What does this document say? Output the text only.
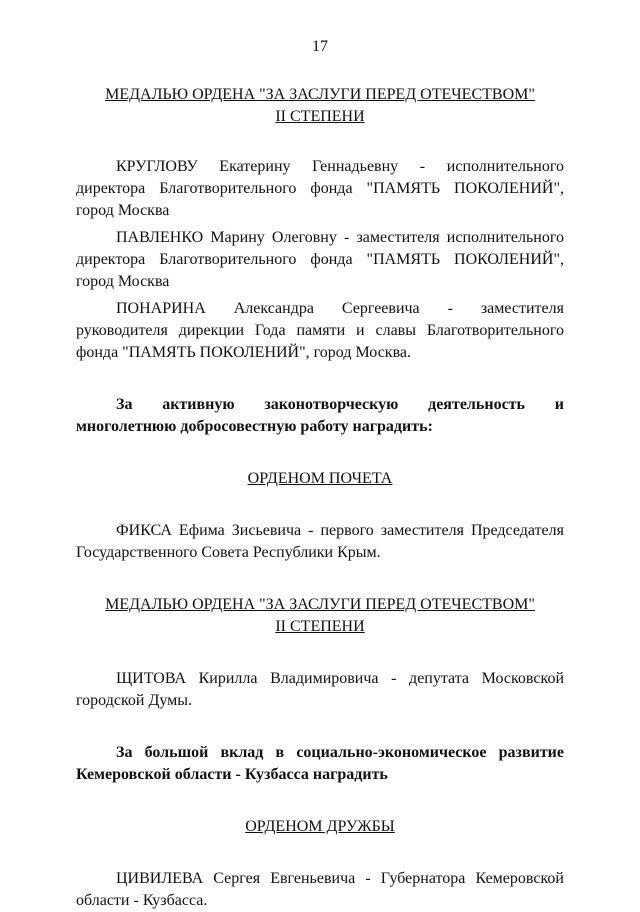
17
МЕДАЛЬЮ ОРДЕНА "ЗА ЗАСЛУГИ ПЕРЕД ОТЕЧЕСТВОМ"
II СТЕПЕНИ

КРУГЛОВУ Екатерину Геннадьевну - исполнительного директора Благотворительного фонда "ПАМЯТЬ ПОКОЛЕНИЙ", город Москва

ПАВЛЕНКО Марину Олеговну - заместителя исполнительного директора Благотворительного фонда "ПАМЯТЬ ПОКОЛЕНИЙ", город Москва

ПОНАРИНА Александра Сергеевича - заместителя руководителя дирекции Года памяти и славы Благотворительного фонда "ПАМЯТЬ ПОКОЛЕНИЙ", город Москва.

За активную законотворческую деятельность и многолетнюю добросовестную работу наградить:

ОРДЕНОМ ПОЧЕТА

ФИКСА Ефима Зисьевича - первого заместителя Председателя Государственного Совета Республики Крым.

МЕДАЛЬЮ ОРДЕНА "ЗА ЗАСЛУГИ ПЕРЕД ОТЕЧЕСТВОМ"
II СТЕПЕНИ

ЩИТОВА Кирилла Владимировича - депутата Московской городской Думы.

За большой вклад в социально-экономическое развитие Кемеровской области - Кузбасса наградить

ОРДЕНОМ ДРУЖБЫ

ЦИВИЛЕВА Сергея Евгеньевича - Губернатора Кемеровской области - Кузбасса.
